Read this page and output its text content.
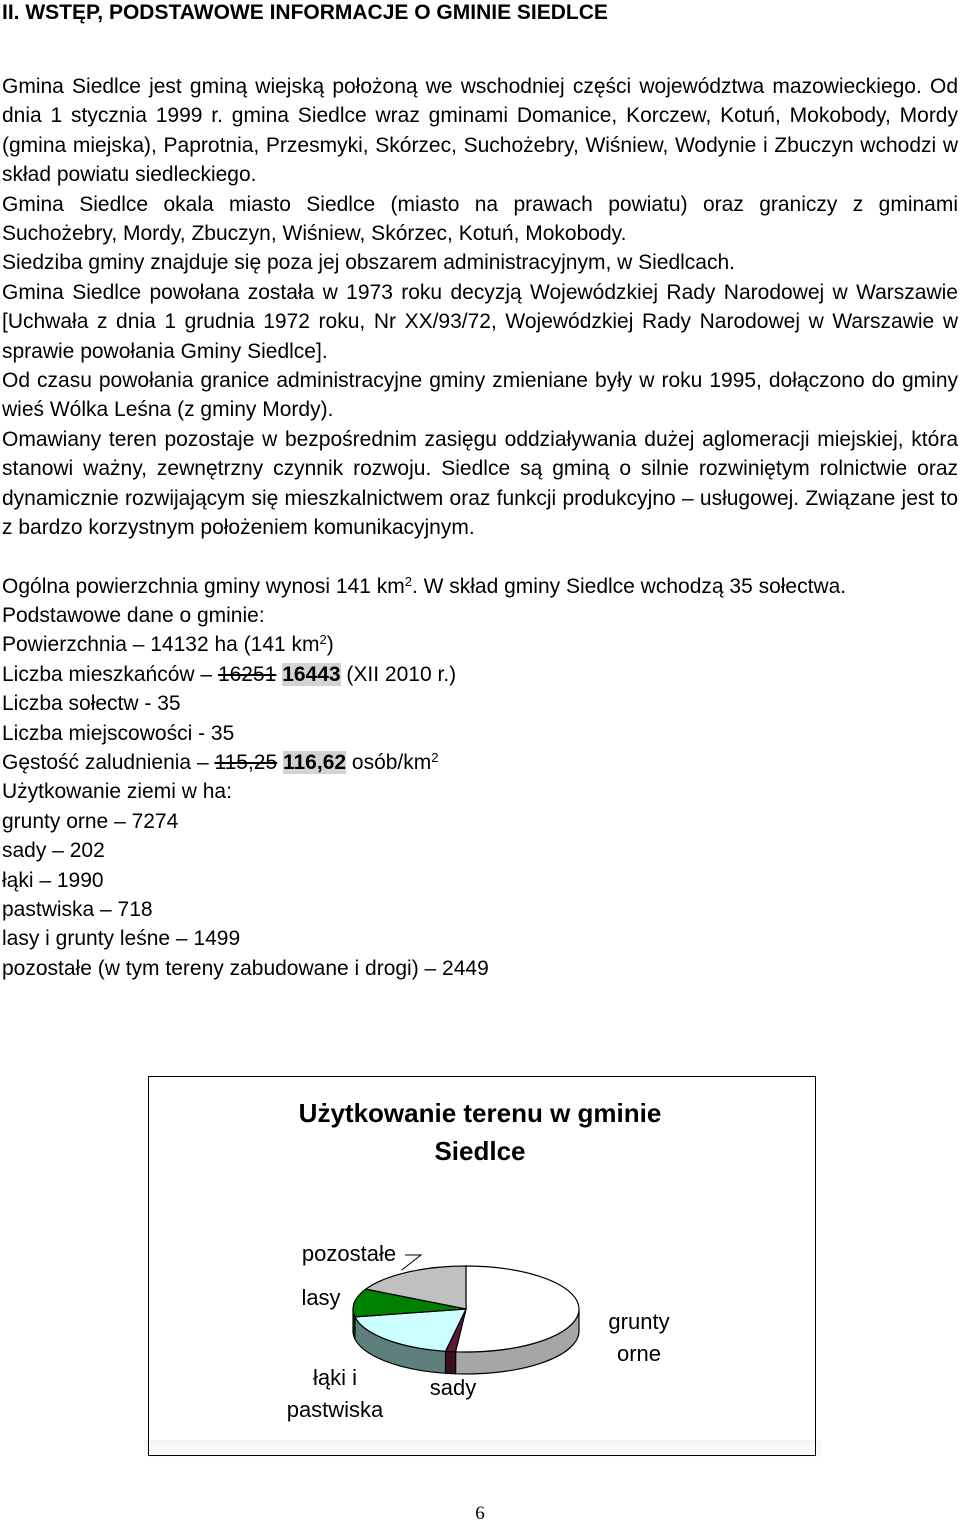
II. WSTĘP, PODSTAWOWE INFORMACJE O GMINIE SIEDLCE

Gmina Siedlce jest gminą wiejską położoną we wschodniej części województwa mazowieckiego. Od dnia 1 stycznia 1999 r. gmina Siedlce wraz gminami Domanice, Korczew, Kotuń, Mokobody, Mordy (gmina miejska), Paprotnia, Przesmyki, Skórzec, Suchożebry, Wiśniew, Wodynie i Zbuczyn wchodzi w skład powiatu siedleckiego.

Gmina Siedlce okala miasto Siedlce (miasto na prawach powiatu) oraz graniczy z gminami Suchożebry, Mordy, Zbuczyn, Wiśniew, Skórzec, Kotuń, Mokobody.

Siedziba gminy znajduje się poza jej obszarem administracyjnym, w Siedlcach.

Gmina Siedlce powołana została w 1973 roku decyzją Wojewódzkiej Rady Narodowej w Warszawie [Uchwała z dnia 1 grudnia 1972 roku, Nr XX/93/72, Wojewódzkiej Rady Narodowej w Warszawie w sprawie powołania Gminy Siedlce].

Od czasu powołania granice administracyjne gminy zmieniane były w roku 1995, dołączono do gminy wieś Wólka Leśna (z gminy Mordy).

Omawiany teren pozostaje w bezpośrednim zasięgu oddziaływania dużej aglomeracji miejskiej, która stanowi ważny, zewnętrzny czynnik rozwoju. Siedlce są gminą o silnie rozwiniętym rolnictwie oraz dynamicznie rozwijającym się mieszkalnictwem oraz funkcji produkcyjno – usługowej. Związane jest to z bardzo korzystnym położeniem komunikacyjnym.

Ogólna powierzchnia gminy wynosi 141 $km^2$. W skład gminy Siedlce wchodzą 35 sołectwa.

Podstawowe dane o gminie:

Powierzchnia – 14132 ha (141 $km^2$)

Liczba mieszkańców – 16251 16443 (XII 2010 r.)

Liczba sołectw - 35

Liczba miejscowości - 35

Gęstość zaludnienia – 115,25 116,62 osób/$km^2$

Użytkowanie ziemi w ha:

grunty orne – 7274

sady – 202

łąki – 1990

pastwiska – 718

lasy i grunty leśne – 1499

pozostałe (w tym tereny zabudowane i drogi) – 2449

Użytkowanie terenu w gminie
Siedlce
grunty orne
sady
łąki i pastwiska
lasy
pozostałe
6
